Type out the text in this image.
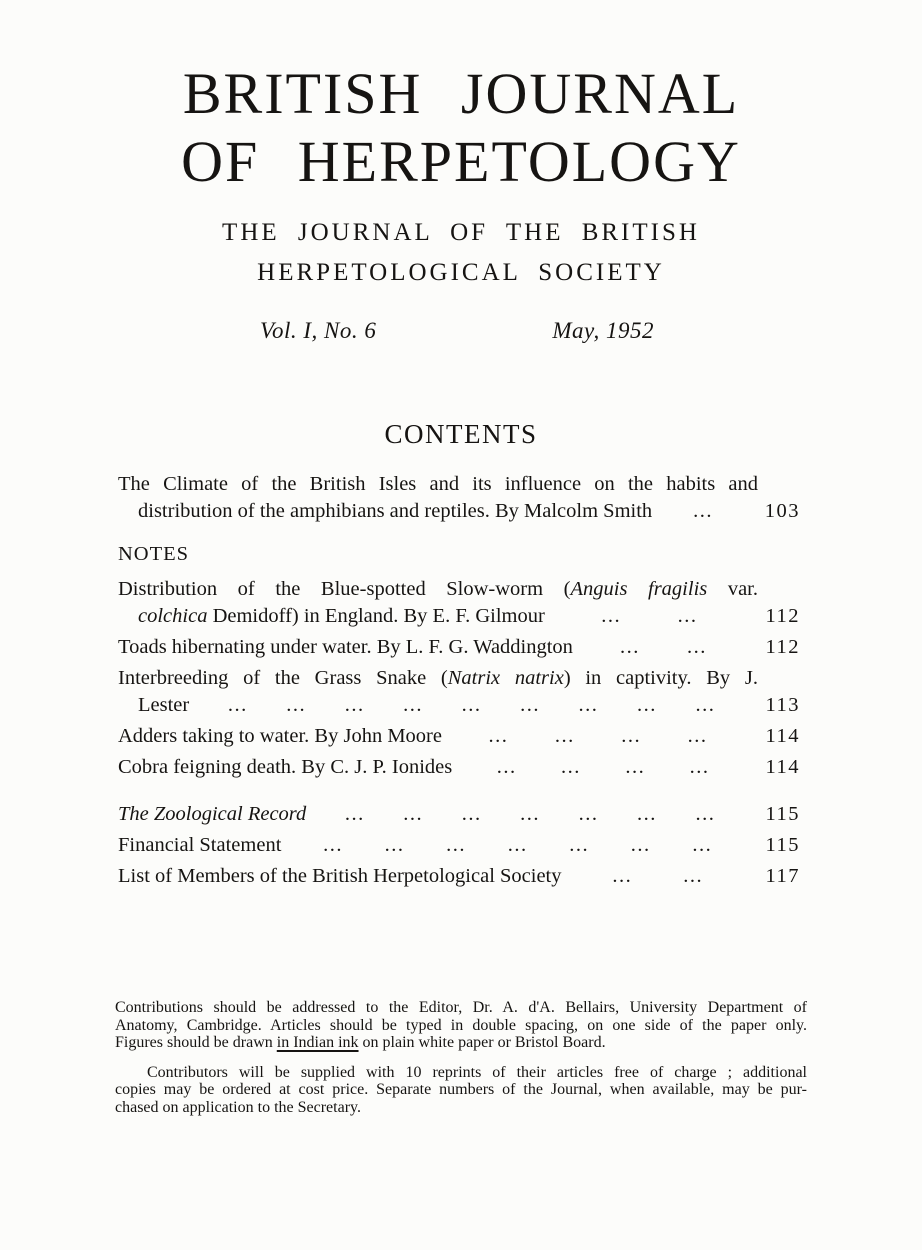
BRITISH JOURNAL
OF HERPETOLOGY
THE JOURNAL OF THE BRITISH
HERPETOLOGICAL SOCIETY
Vol. I, No. 6	May, 1952
CONTENTS
The Climate of the British Isles and its influence on the habits and
distribution of the amphibians and reptiles. By Malcolm Smith ...	103
NOTES
Distribution of the Blue-spotted Slow-worm (Anguis fragilis var.
colchica Demidoff) in England. By E. F. Gilmour	...	...	112
Toads hibernating under water. By L. F. G. Waddington ... ...	112
Interbreeding of the Grass Snake (Natrix natrix) in captivity. By J.
Lester ... ... ... ... ... ... ... ... ...	113
Adders taking to water. By John Moore ... ... ... ...	114
Cobra feigning death. By C. J. P. Ionides ... ... ... ...	114
The Zoological Record ... ... ... ... ... ... ...	115
Financial Statement ... ... ... ... ... ... ...	115
List of Members of the British Herpetological Society ... ...	117
Contributions should be addressed to the Editor, Dr. A. d'A. Bellairs, University Department of
Anatomy, Cambridge. Articles should be typed in double spacing, on one side of the paper only.
Figures should be drawn in Indian ink on plain white paper or Bristol Board.
Contributors will be supplied with 10 reprints of their articles free of charge ; additional
copies may be ordered at cost price. Separate numbers of the Journal, when available, may be pur-
chased on application to the Secretary.
